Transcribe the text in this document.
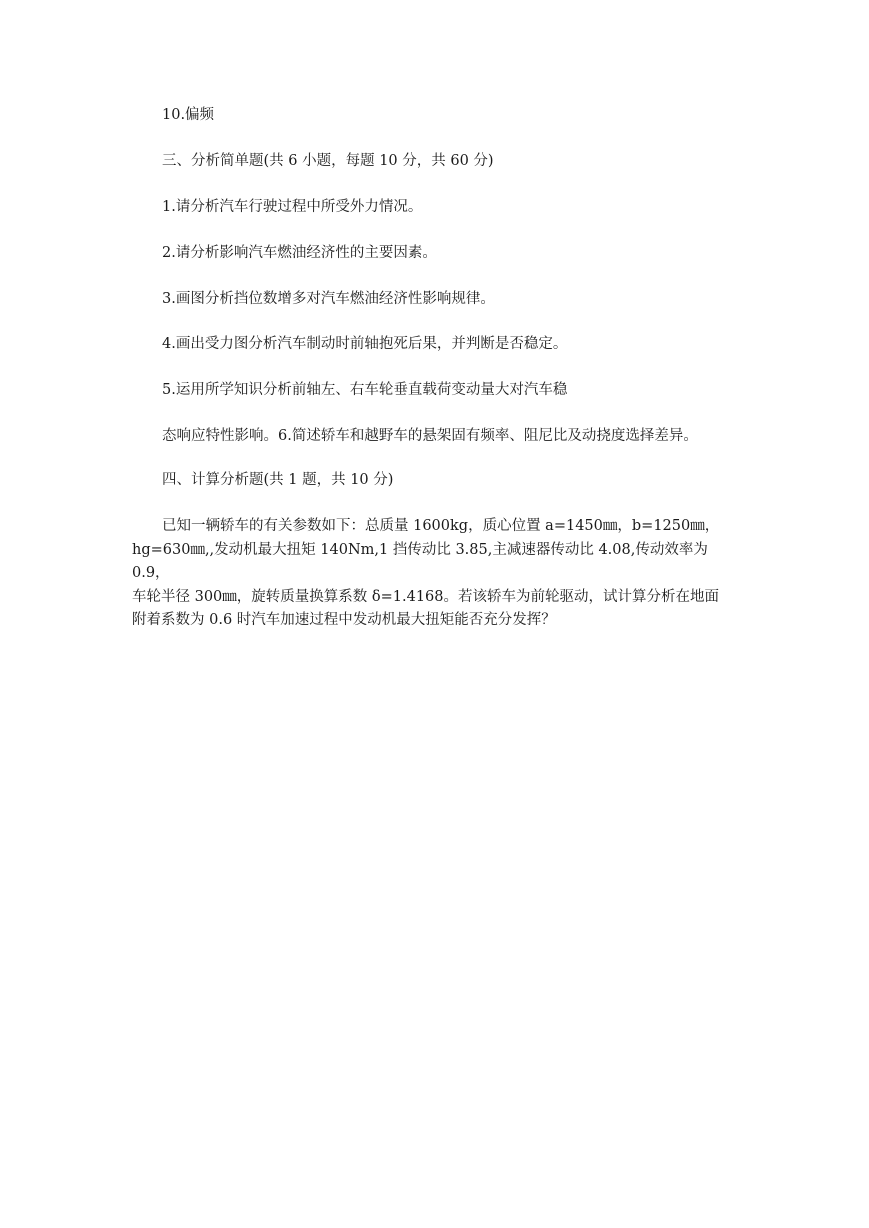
10.偏频
三、分析简单题(共 6 小题，每题 10 分，共 60 分)
1.请分析汽车行驶过程中所受外力情况。
2.请分析影响汽车燃油经济性的主要因素。
3.画图分析挡位数增多对汽车燃油经济性影响规律。
4.画出受力图分析汽车制动时前轴抱死后果，并判断是否稳定。
5.运用所学知识分析前轴左、右车轮垂直载荷变动量大对汽车稳
态响应特性影响。6.简述轿车和越野车的悬架固有频率、阻尼比及动挠度选择差异。
四、计算分析题(共 1 题，共 10 分)
已知一辆轿车的有关参数如下：总质量 1600kg，质心位置 a=1450㎜，b=1250㎜，
hg=630㎜,,发动机最大扭矩 140Nm,1 挡传动比 3.85,主减速器传动比 4.08,传动效率为 0.9，
车轮半径 300㎜，旋转质量换算系数 δ=1.4168。若该轿车为前轮驱动，试计算分析在地面
附着系数为 0.6 时汽车加速过程中发动机最大扭矩能否充分发挥？
